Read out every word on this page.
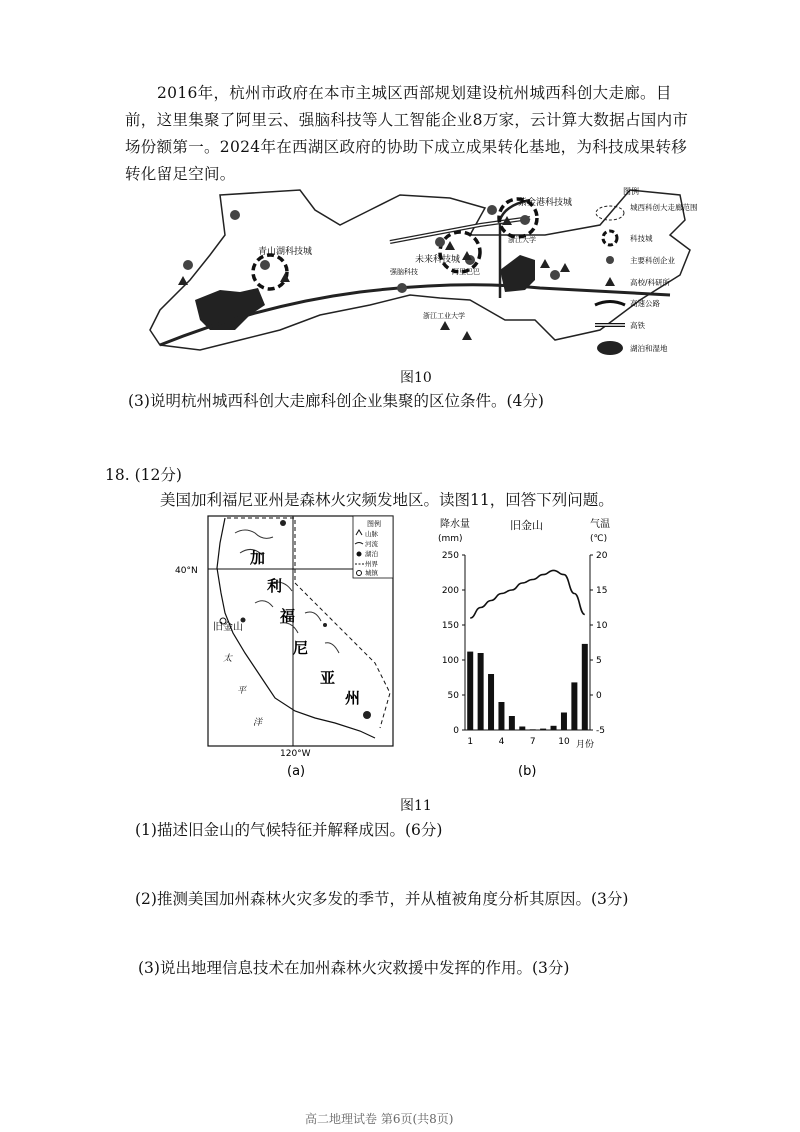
2016年，杭州市政府在本市主城区西部规划建设杭州城西科创大走廊。目前，这里集聚了阿里云、强脑科技等人工智能企业8万家，云计算大数据占国内市场份额第一。2024年在西湖区政府的协助下成立成果转化基地，为科技成果转移转化留足空间。
青山湖科技城
紫金港科技城
未来科技城
阿里巴巴
强脑科技
浙江工业大学
浙江大学
图例
城西科创大走廊范围
科技城
主要科创企业
高校/科研所
高速公路
高铁
湖泊和湿地
图10
(3)说明杭州城西科创大走廊科创企业集聚的区位条件。(4分)
18. (12分)
美国加利福尼亚州是森林火灾频发地区。读图11，回答下列问题。
旧金山
40°N
120°W
加
利
福
尼
亚
州
太
平
洋
图例
山脉
河流
湖泊
州界
城镇
(a)
降水量
(mm)
旧金山	气温
(℃)
月份
(b)
0
50
100
150
200
250
-5
0
5
10
15
20
1	4	7	10
图11
(1)描述旧金山的气候特征并解释成因。(6分)
(2)推测美国加州森林火灾多发的季节，并从植被角度分析其原因。(3分)
(3)说出地理信息技术在加州森林火灾救援中发挥的作用。(3分)
高二地理试卷 第6页(共8页)
